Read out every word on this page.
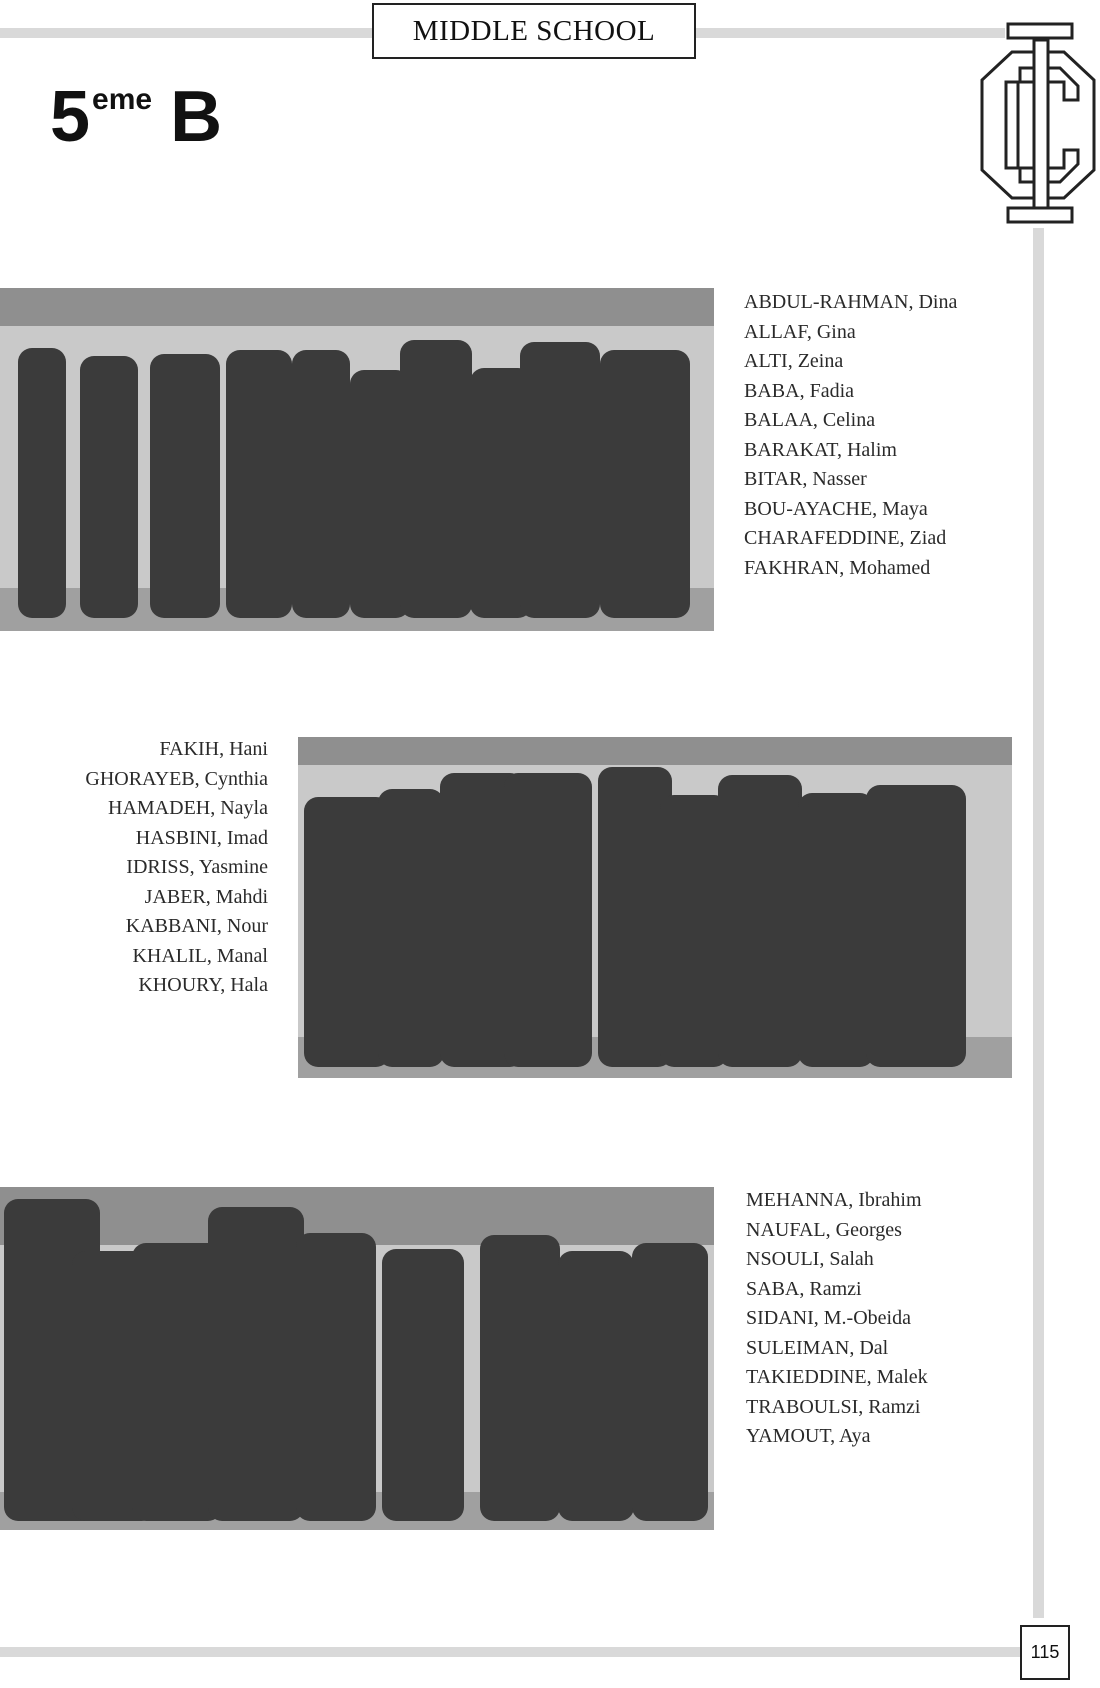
MIDDLE SCHOOL
5eme B
ABDUL-RAHMAN, Dina
ALLAF, Gina
ALTI, Zeina
BABA, Fadia
BALAA, Celina
BARAKAT, Halim
BITAR, Nasser
BOU-AYACHE, Maya
CHARAFEDDINE, Ziad
FAKHRAN, Mohamed
FAKIH, Hani
GHORAYEB, Cynthia
HAMADEH, Nayla
HASBINI, Imad
IDRISS, Yasmine
JABER, Mahdi
KABBANI, Nour
KHALIL, Manal
KHOURY, Hala
MEHANNA, Ibrahim
NAUFAL, Georges
NSOULI, Salah
SABA, Ramzi
SIDANI, M.-Obeida
SULEIMAN, Dal
TAKIEDDINE, Malek
TRABOULSI, Ramzi
YAMOUT, Aya
115
